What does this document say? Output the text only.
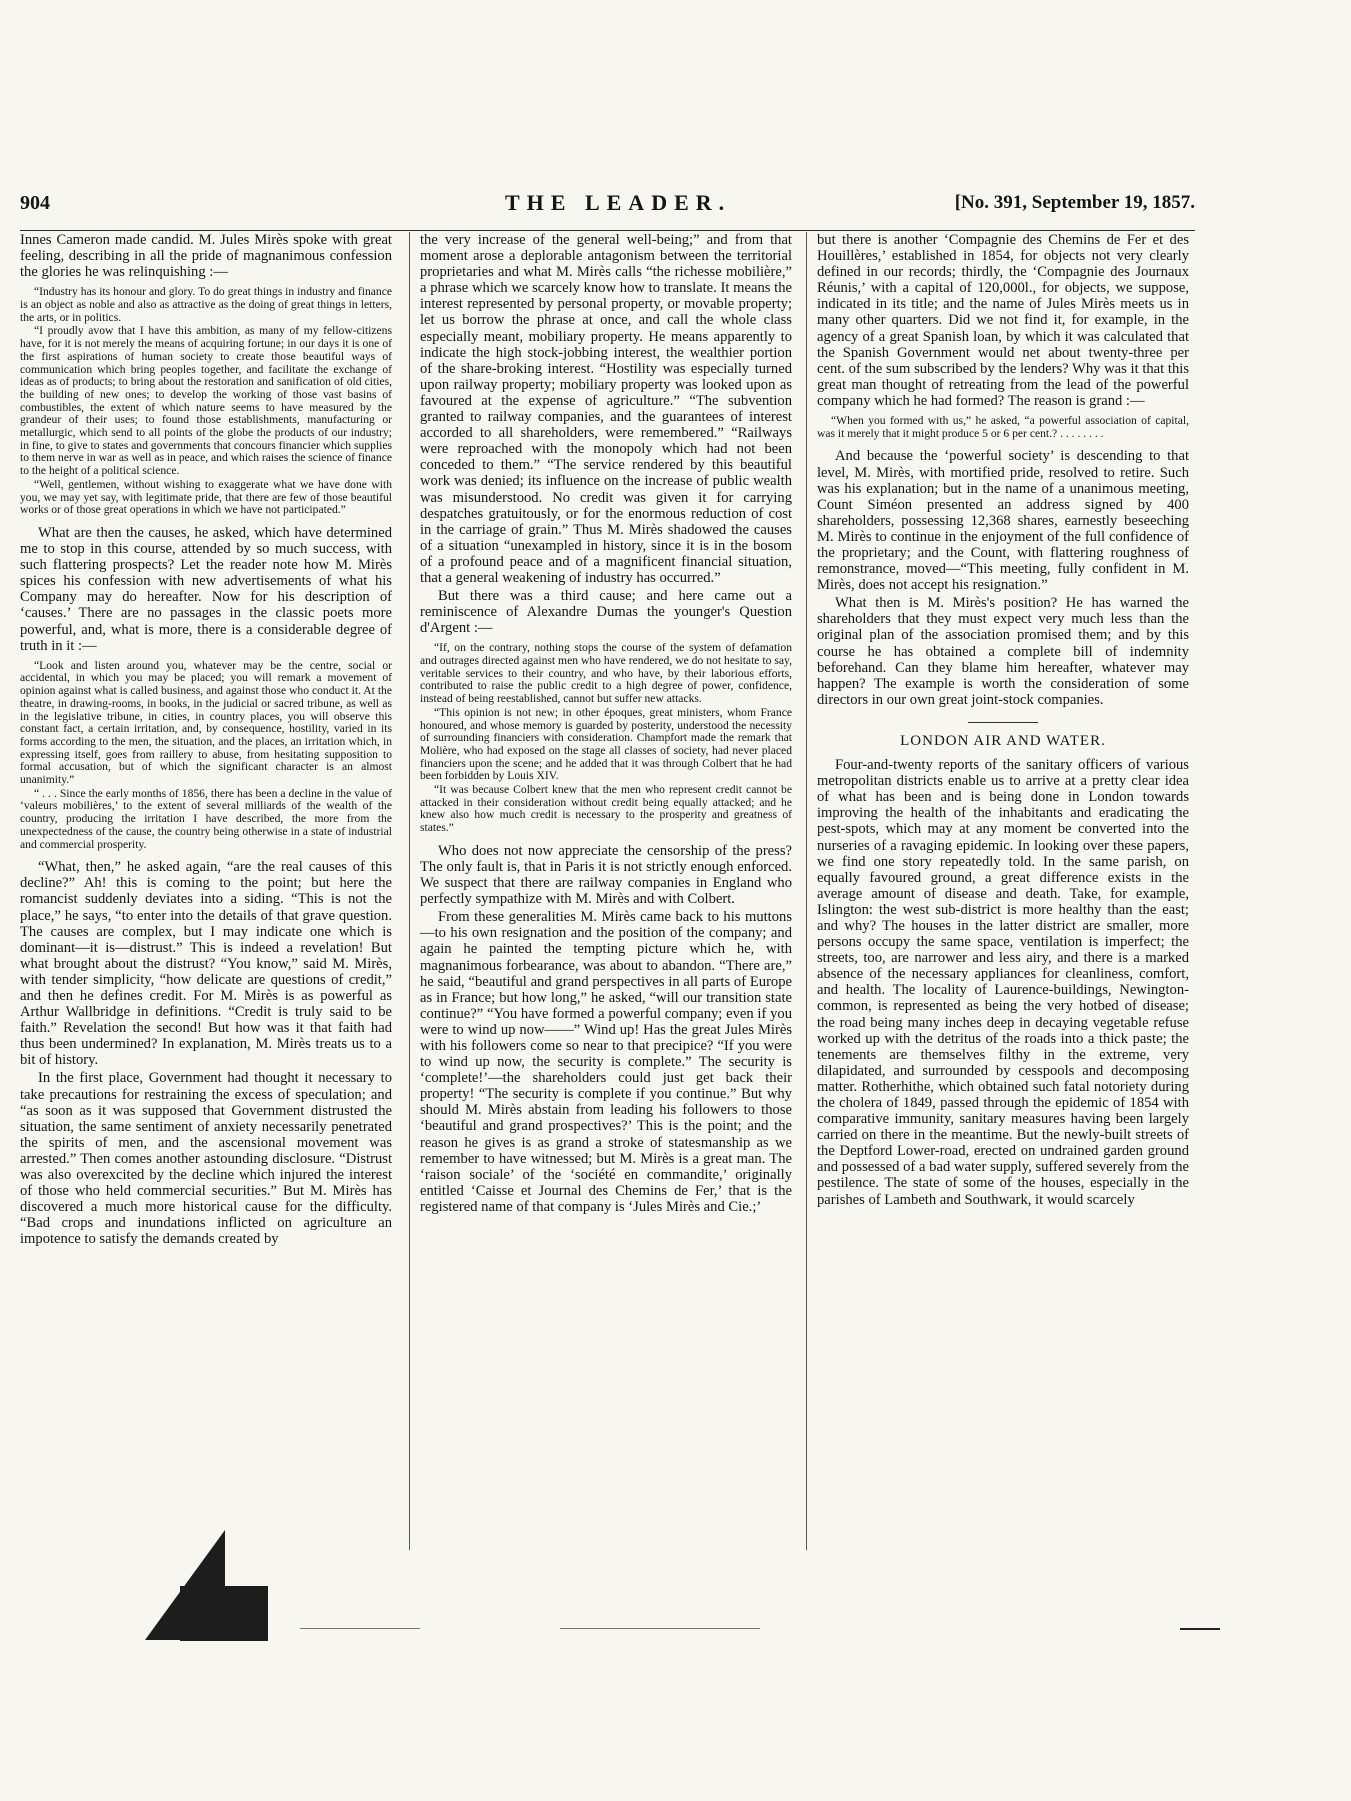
904	THE LEADER.	[No. 391, September 19, 1857.

Innes Cameron made candid. M. Jules Mirès spoke with great feeling, describing in all the pride of magnanimous confession the glories he was relinquishing :—

“Industry has its honour and glory. To do great things in industry and finance is an object as noble and also as attractive as the doing of great things in letters, the arts, or in politics.

“I proudly avow that I have this ambition, as many of my fellow-citizens have, for it is not merely the means of acquiring fortune; in our days it is one of the first aspirations of human society to create those beautiful ways of communication which bring peoples together, and facilitate the exchange of ideas as of products; to bring about the restoration and sanification of old cities, the building of new ones; to develop the working of those vast basins of combustibles, the extent of which nature seems to have measured by the grandeur of their uses; to found those establishments, manufacturing or metallurgic, which send to all points of the globe the products of our industry; in fine, to give to states and governments that concours financier which supplies to them nerve in war as well as in peace, and which raises the science of finance to the height of a political science.

“Well, gentlemen, without wishing to exaggerate what we have done with you, we may yet say, with legitimate pride, that there are few of those beautiful works or of those great operations in which we have not participated.”

What are then the causes, he asked, which have determined me to stop in this course, attended by so much success, with such flattering prospects? Let the reader note how M. Mirès spices his confession with new advertisements of what his Company may do hereafter. Now for his description of ‘causes.’ There are no passages in the classic poets more powerful, and, what is more, there is a considerable degree of truth in it :—

“Look and listen around you, whatever may be the centre, social or accidental, in which you may be placed; you will remark a movement of opinion against what is called business, and against those who conduct it. At the theatre, in drawing-rooms, in books, in the judicial or sacred tribune, as well as in the legislative tribune, in cities, in country places, you will observe this constant fact, a certain irritation, and, by consequence, hostility, varied in its forms according to the men, the situation, and the places, an irritation which, in expressing itself, goes from raillery to abuse, from hesitating supposition to formal accusation, but of which the significant character is an almost unanimity.”

“ . . . Since the early months of 1856, there has been a decline in the value of ‘valeurs mobilières,’ to the extent of several milliards of the wealth of the country, producing the irritation I have described, the more from the unexpectedness of the cause, the country being otherwise in a state of industrial and commercial prosperity.

“What, then,” he asked again, “are the real causes of this decline?” Ah! this is coming to the point; but here the romancist suddenly deviates into a siding. “This is not the place,” he says, “to enter into the details of that grave question. The causes are complex, but I may indicate one which is dominant—it is—distrust.” This is indeed a revelation! But what brought about the distrust? “You know,” said M. Mirès, with tender simplicity, “how delicate are questions of credit,” and then he defines credit. For M. Mirès is as powerful as Arthur Wallbridge in definitions. “Credit is truly said to be faith.” Revelation the second! But how was it that faith had thus been undermined? In explanation, M. Mirès treats us to a bit of history.

In the first place, Government had thought it necessary to take precautions for restraining the excess of speculation; and “as soon as it was supposed that Government distrusted the situation, the same sentiment of anxiety necessarily penetrated the spirits of men, and the ascensional movement was arrested.” Then comes another astounding disclosure. “Distrust was also overexcited by the decline which injured the interest of those who held commercial securities.” But M. Mirès has discovered a much more historical cause for the difficulty. “Bad crops and inundations inflicted on agriculture an impotence to satisfy the demands created by

the very increase of the general well-being;” and from that moment arose a deplorable antagonism between the territorial proprietaries and what M. Mirès calls “the richesse mobilière,” a phrase which we scarcely know how to translate. It means the interest represented by personal property, or movable property; let us borrow the phrase at once, and call the whole class especially meant, mobiliary property. He means apparently to indicate the high stock-jobbing interest, the wealthier portion of the share-broking interest. “Hostility was especially turned upon railway property; mobiliary property was looked upon as favoured at the expense of agriculture.” “The subvention granted to railway companies, and the guarantees of interest accorded to all shareholders, were remembered.” “Railways were reproached with the monopoly which had not been conceded to them.” “The service rendered by this beautiful work was denied; its influence on the increase of public wealth was misunderstood. No credit was given it for carrying despatches gratuitously, or for the enormous reduction of cost in the carriage of grain.” Thus M. Mirès shadowed the causes of a situation “unexampled in history, since it is in the bosom of a profound peace and of a magnificent financial situation, that a general weakening of industry has occurred.”

But there was a third cause; and here came out a reminiscence of Alexandre Dumas the younger's Question d'Argent :—

“If, on the contrary, nothing stops the course of the system of defamation and outrages directed against men who have rendered, we do not hesitate to say, veritable services to their country, and who have, by their laborious efforts, contributed to raise the public credit to a high degree of power, confidence, instead of being reestablished, cannot but suffer new attacks.

“This opinion is not new; in other époques, great ministers, whom France honoured, and whose memory is guarded by posterity, understood the necessity of surrounding financiers with consideration. Champfort made the remark that Molière, who had exposed on the stage all classes of society, had never placed financiers upon the scene; and he added that it was through Colbert that he had been forbidden by Louis XIV.

“It was because Colbert knew that the men who represent credit cannot be attacked in their consideration without credit being equally attacked; and he knew also how much credit is necessary to the prosperity and greatness of states.”

Who does not now appreciate the censorship of the press? The only fault is, that in Paris it is not strictly enough enforced. We suspect that there are railway companies in England who perfectly sympathize with M. Mirès and with Colbert.

From these generalities M. Mirès came back to his muttons—to his own resignation and the position of the company; and again he painted the tempting picture which he, with magnanimous forbearance, was about to abandon. “There are,” he said, “beautiful and grand perspectives in all parts of Europe as in France; but how long,” he asked, “will our transition state continue?” “You have formed a powerful company; even if you were to wind up now——” Wind up! Has the great Jules Mirès with his followers come so near to that precipice? “If you were to wind up now, the security is complete.” The security is ‘complete!’—the shareholders could just get back their property! “The security is complete if you continue.” But why should M. Mirès abstain from leading his followers to those ‘beautiful and grand prospectives?’ This is the point; and the reason he gives is as grand a stroke of statesmanship as we remember to have witnessed; but M. Mirès is a great man. The ‘raison sociale’ of the ‘société en commandite,’ originally entitled ‘Caisse et Journal des Chemins de Fer,’ that is the registered name of that company is ‘Jules Mirès and Cie.;’

but there is another ‘Compagnie des Chemins de Fer et des Houillères,’ established in 1854, for objects not very clearly defined in our records; thirdly, the ‘Compagnie des Journaux Réunis,’ with a capital of 120,000l., for objects, we suppose, indicated in its title; and the name of Jules Mirès meets us in many other quarters. Did we not find it, for example, in the agency of a great Spanish loan, by which it was calculated that the Spanish Government would net about twenty-three per cent. of the sum subscribed by the lenders? Why was it that this great man thought of retreating from the lead of the powerful company which he had formed? The reason is grand :—

“When you formed with us,” he asked, “a powerful association of capital, was it merely that it might produce 5 or 6 per cent.? . . . . . . . .

And because the ‘powerful society’ is descending to that level, M. Mirès, with mortified pride, resolved to retire. Such was his explanation; but in the name of a unanimous meeting, Count Siméon presented an address signed by 400 shareholders, possessing 12,368 shares, earnestly beseeching M. Mirès to continue in the enjoyment of the full confidence of the proprietary; and the Count, with flattering roughness of remonstrance, moved—“This meeting, fully confident in M. Mirès, does not accept his resignation.”

What then is M. Mirès's position? He has warned the shareholders that they must expect very much less than the original plan of the association promised them; and by this course he has obtained a complete bill of indemnity beforehand. Can they blame him hereafter, whatever may happen? The example is worth the consideration of some directors in our own great joint-stock companies.

LONDON AIR AND WATER.

Four-and-twenty reports of the sanitary officers of various metropolitan districts enable us to arrive at a pretty clear idea of what has been and is being done in London towards improving the health of the inhabitants and eradicating the pest-spots, which may at any moment be converted into the nurseries of a ravaging epidemic. In looking over these papers, we find one story repeatedly told. In the same parish, on equally favoured ground, a great difference exists in the average amount of disease and death. Take, for example, Islington: the west sub-district is more healthy than the east; and why? The houses in the latter district are smaller, more persons occupy the same space, ventilation is imperfect; the streets, too, are narrower and less airy, and there is a marked absence of the necessary appliances for cleanliness, comfort, and health. The locality of Laurence-buildings, Newington-common, is represented as being the very hotbed of disease; the road being many inches deep in decaying vegetable refuse worked up with the detritus of the roads into a thick paste; the tenements are themselves filthy in the extreme, very dilapidated, and surrounded by cesspools and decomposing matter. Rotherhithe, which obtained such fatal notoriety during the cholera of 1849, passed through the epidemic of 1854 with comparative immunity, sanitary measures having been largely carried on there in the meantime. But the newly-built streets of the Deptford Lower-road, erected on undrained garden ground and possessed of a bad water supply, suffered severely from the pestilence. The state of some of the houses, especially in the parishes of Lambeth and Southwark, it would scarcely
